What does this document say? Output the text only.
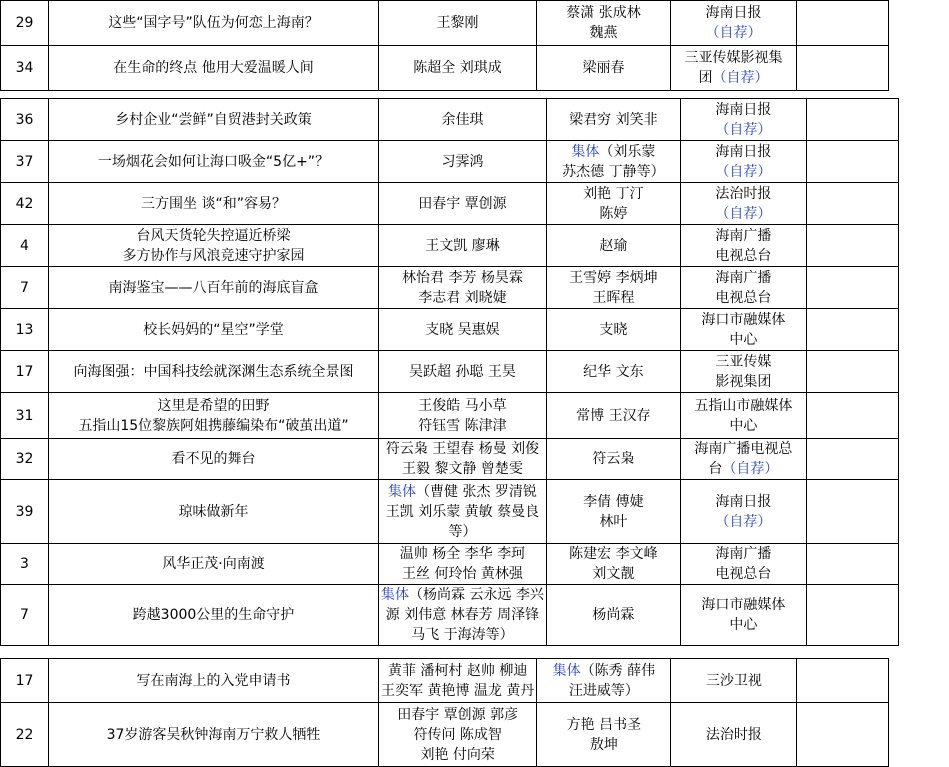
29	这些“国字号”队伍为何恋上海南？	王黎刚	蔡潇 张成林
魏燕	海南日报
（自荐）	

34	在生命的终点 他用大爱温暖人间	陈超全 刘琪成	梁丽春	三亚传媒影视集
团（自荐）	

36	乡村企业“尝鲜”自贸港封关政策	余佳琪	梁君穷 刘笑非	海南日报
（自荐）	

37	一场烟花会如何让海口吸金“5亿+”？	习霁鸿	集体（刘乐蒙
苏杰德 丁静等）	海南日报
（自荐）	

42	三方围坐 谈“和”容易？	田春宇 覃创源	刘艳 丁汀
陈婷	法治时报
（自荐）	

4	台风天货轮失控逼近桥梁
多方协作与风浪竞速守护家园	王文凯 廖琳	赵瑜	海南广播
电视总台	

7	南海鉴宝——八百年前的海底盲盒	林怡君 李芳 杨昊霖
李志君 刘晓婕	王雪婷 李炳坤
王晖程	海南广播
电视总台	

13	校长妈妈的“星空”学堂	支晓 吴惠娱	支晓	海口市融媒体
中心	

17	向海图强：中国科技绘就深渊生态系统全景图	吴跃超 孙聪 王昊	纪华 文东	三亚传媒
影视集团	

31	这里是希望的田野
五指山15位黎族阿姐携藤编染布“破茧出道”	王俊皓 马小草
符钰雪 陈津津	常博 王汉存	五指山市融媒体
中心	

32	看不见的舞台	符云枭 王望春 杨曼 刘俊
王毅 黎文静 曾楚雯	符云枭	海南广播电视总
台（自荐）	

39	琼味做新年	集体（曹健 张杰 罗清锐
王凯 刘乐蒙 黄敏 蔡曼良
等）	李倩 傅婕
林叶	海南日报
（自荐）	

3	风华正茂·向南渡	温帅 杨全 李华 李珂
王丝 何玲怡 黄林强	陈建宏 李文峰
刘文靓	海南广播
电视总台	

7	跨越3000公里的生命守护	集体（杨尚霖 云永远 李兴
源 刘伟意 林春芳 周泽锋
马飞 于海涛等）	杨尚霖	海口市融媒体
中心	

17	写在南海上的入党申请书	黄菲 潘柯村 赵帅 柳迪
王奕军 黄艳博 温龙 黄丹	集体（陈秀 薛伟
汪进威等）	三沙卫视	

22	37岁游客吴秋钟海南万宁救人牺牲	田春宇 覃创源 郭彦
符传问 陈成智
刘艳 付向荣	方艳 吕书圣
敖坤	法治时报	
